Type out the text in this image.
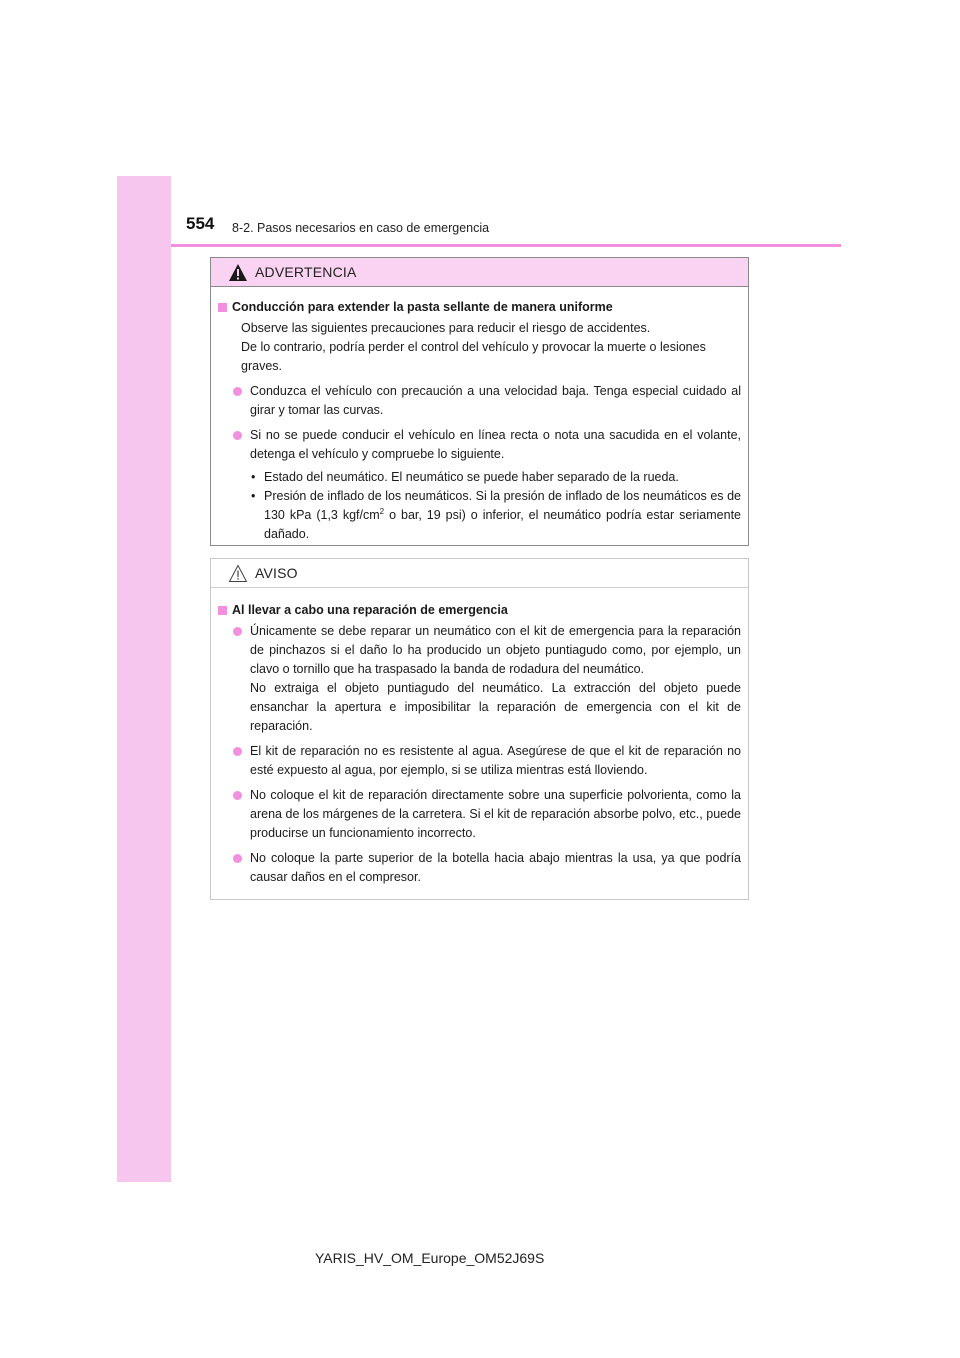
554 8-2. Pasos necesarios en caso de emergencia
ADVERTENCIA
Conducción para extender la pasta sellante de manera uniforme

Observe las siguientes precauciones para reducir el riesgo de accidentes.

De lo contrario, podría perder el control del vehículo y provocar la muerte o lesiones graves.

Conduzca el vehículo con precaución a una velocidad baja. Tenga especial cuidado al girar y tomar las curvas.
Si no se puede conducir el vehículo en línea recta o nota una sacudida en el volante, detenga el vehículo y compruebe lo siguiente.
• Estado del neumático. El neumático se puede haber separado de la rueda.
• Presión de inflado de los neumáticos. Si la presión de inflado de los neumáticos es de 130 kPa (1,3 kgf/$cm^2$ o bar, 19 psi) o inferior, el neumático podría estar seriamente dañado.
AVISO
Al llevar a cabo una reparación de emergencia
Únicamente se debe reparar un neumático con el kit de emergencia para la reparación de pinchazos si el daño lo ha producido un objeto puntiagudo como, por ejemplo, un clavo o tornillo que ha traspasado la banda de rodadura del neumático.
No extraiga el objeto puntiagudo del neumático. La extracción del objeto puede ensanchar la apertura e imposibilitar la reparación de emergencia con el kit de reparación.
El kit de reparación no es resistente al agua. Asegúrese de que el kit de reparación no esté expuesto al agua, por ejemplo, si se utiliza mientras está lloviendo.
No coloque el kit de reparación directamente sobre una superficie polvorienta, como la arena de los márgenes de la carretera. Si el kit de reparación absorbe polvo, etc., puede producirse un funcionamiento incorrecto.
No coloque la parte superior de la botella hacia abajo mientras la usa, ya que podría causar daños en el compresor.
YARIS_HV_OM_Europe_OM52J69S
